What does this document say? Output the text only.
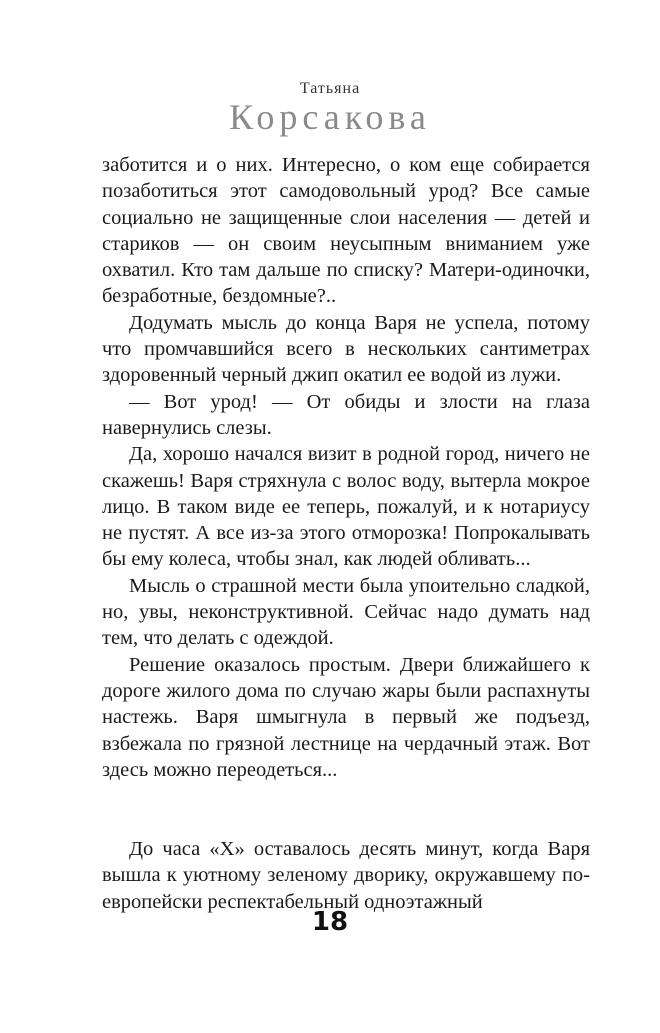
Татьяна
Корсакова

заботится и о них. Интересно, о ком еще собирается позаботиться этот самодовольный урод? Все самые социально не защищенные слои населения — детей и стариков — он своим неусыпным вниманием уже охватил. Кто там дальше по списку? Матери-одиночки, безработные, бездомные?..

Додумать мысль до конца Варя не успела, потому что промчавшийся всего в нескольких сантиметрах здоровенный черный джип окатил ее водой из лужи.

— Вот урод! — От обиды и злости на глаза навернулись слезы.

Да, хорошо начался визит в родной город, ничего не скажешь! Варя стряхнула с волос воду, вытерла мокрое лицо. В таком виде ее теперь, пожалуй, и к нотариусу не пустят. А все из-за этого отморозка! Попрокалывать бы ему колеса, чтобы знал, как людей обливать...

Мысль о страшной мести была упоительно сладкой, но, увы, неконструктивной. Сейчас надо думать над тем, что делать с одеждой.

Решение оказалось простым. Двери ближайшего к дороге жилого дома по случаю жары были распахнуты настежь. Варя шмыгнула в первый же подъезд, взбежала по грязной лестнице на чердачный этаж. Вот здесь можно переодеться...

До часа «Х» оставалось десять минут, когда Варя вышла к уютному зеленому дворику, окружавшему по-европейски респектабельный одноэтажный

18
